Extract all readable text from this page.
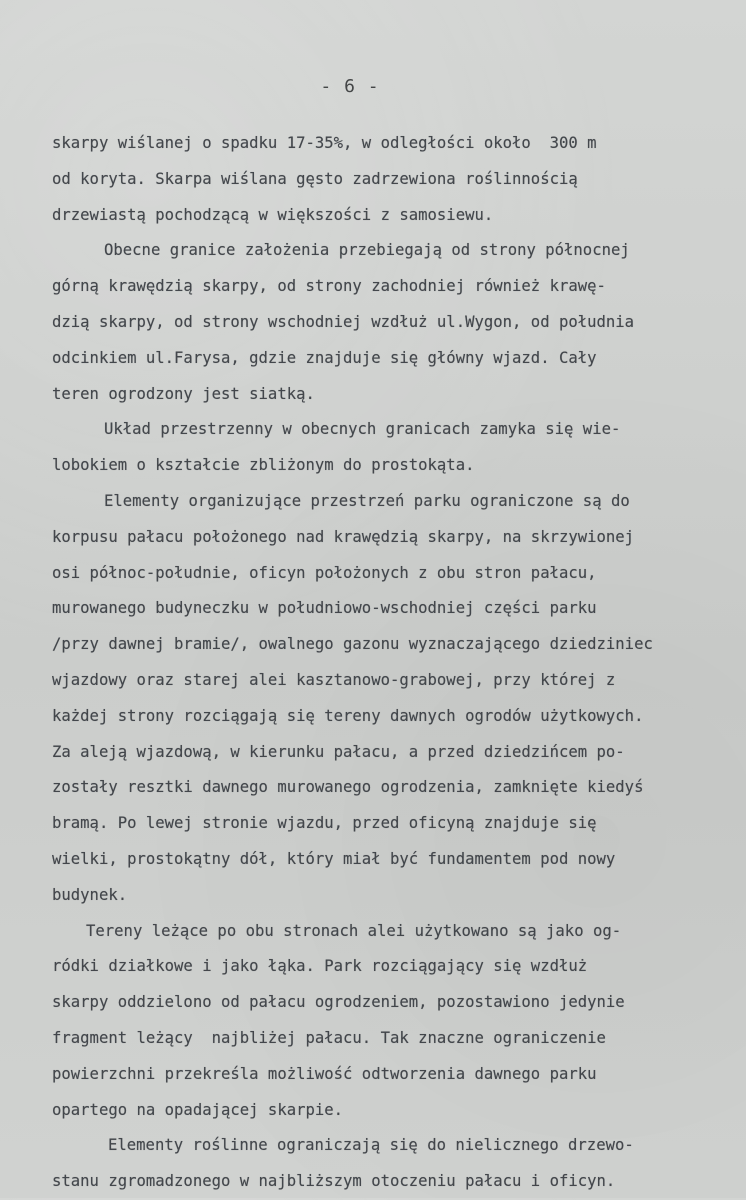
- 6 -
skarpy wiślanej o spadku 17-35%, w odległości około  300 m
od koryta. Skarpa wiślana gęsto zadrzewiona roślinnością
drzewiastą pochodzącą w większości z samosiewu.
Obecne granice założenia przebiegają od strony północnej
górną krawędzią skarpy, od strony zachodniej również krawę-
dzią skarpy, od strony wschodniej wzdłuż ul.Wygon, od południa
odcinkiem ul.Farysa, gdzie znajduje się główny wjazd. Cały
teren ogrodzony jest siatką.
Układ przestrzenny w obecnych granicach zamyka się wie-
lobokiem o kształcie zbliżonym do prostokąta.
Elementy organizujące przestrzeń parku ograniczone są do
korpusu pałacu położonego nad krawędzią skarpy, na skrzywionej
osi północ-południe, oficyn położonych z obu stron pałacu,
murowanego budyneczku w południowo-wschodniej części parku
/przy dawnej bramie/, owalnego gazonu wyznaczającego dziedziniec
wjazdowy oraz starej alei kasztanowo-grabowej, przy której z
każdej strony rozciągają się tereny dawnych ogrodów użytkowych.
Za aleją wjazdową, w kierunku pałacu, a przed dziedzińcem po-
zostały resztki dawnego murowanego ogrodzenia, zamknięte kiedyś
bramą. Po lewej stronie wjazdu, przed oficyną znajduje się
wielki, prostokątny dół, który miał być fundamentem pod nowy
budynek.
Tereny leżące po obu stronach alei użytkowano są jako og-
ródki działkowe i jako łąka. Park rozciągający się wzdłuż
skarpy oddzielono od pałacu ogrodzeniem, pozostawiono jedynie
fragment leżący  najbliżej pałacu. Tak znaczne ograniczenie
powierzchni przekreśla możliwość odtworzenia dawnego parku
opartego na opadającej skarpie.
Elementy roślinne ograniczają się do nielicznego drzewo-
stanu zgromadzonego w najbliższym otoczeniu pałacu i oficyn.
